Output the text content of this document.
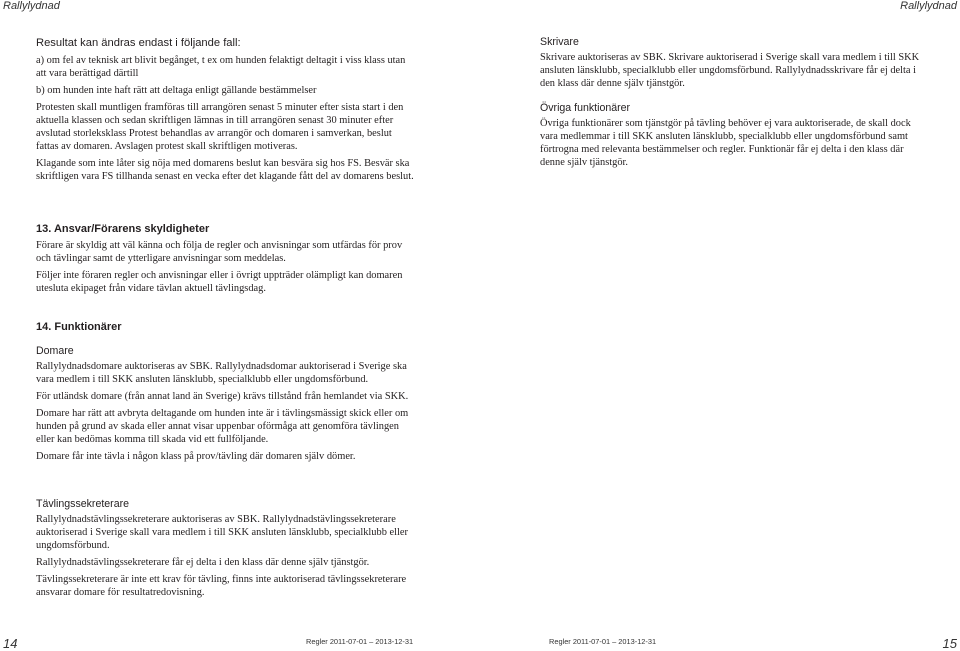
Rallylydnad	Rallylydnad
Resultat kan ändras endast i följande fall:

a) om fel av teknisk art blivit begånget, t ex om hunden felaktigt deltagit i viss klass utan att vara berättigad därtill

b) om hunden inte haft rätt att deltaga enligt gällande bestämmelser

Protesten skall muntligen framföras till arrangören senast 5 minuter efter sista start i den aktuella klassen och sedan skriftligen lämnas in till arrangören senast 30 minuter efter avslutad storleksklass Protest behandlas av arrangör och domaren i samverkan, beslut fattas av domaren. Avslagen protest skall skriftligen motiveras.

Klagande som inte låter sig nöja med domarens beslut kan besvära sig hos FS. Besvär ska skriftligen vara FS tillhanda senast en vecka efter det klagande fått del av domarens beslut.

13. Ansvar/Förarens skyldigheter

Förare är skyldig att väl känna och följa de regler och anvisningar som utfärdas för prov och tävlingar samt de ytterligare anvisningar som meddelas.

Följer inte föraren regler och anvisningar eller i övrigt uppträder olämpligt kan domaren utesluta ekipaget från vidare tävlan aktuell tävlingsdag.

14. Funktionärer
Domare

Rallylydnadsdomare auktoriseras av SBK. Rallylydnadsdomar auktoriserad i Sverige ska vara medlem i till SKK ansluten länsklubb, specialklubb eller ungdomsförbund.

För utländsk domare (från annat land än Sverige) krävs tillstånd från hemlandet via SKK.

Domare har rätt att avbryta deltagande om hunden inte är i tävlingsmässigt skick eller om hunden på grund av skada eller annat visar uppenbar oförmåga att genomföra tävlingen eller kan bedömas komma till skada vid ett fullföljande.

Domare får inte tävla i någon klass på prov/tävling där domaren själv dömer.

Tävlingssekreterare

Rallylydnadstävlingssekreterare auktoriseras av SBK. Rallylydnadstävlingssekreterare auktoriserad i Sverige skall vara medlem i till SKK ansluten länsklubb, specialklubb eller ungdomsförbund.

Rallylydnadstävlingssekreterare får ej delta i den klass där denne själv tjänstgör.

Tävlingssekreterare är inte ett krav för tävling, finns inte auktoriserad tävlingssekreterare ansvarar domare för resultatredovisning.

Skrivare

Skrivare auktoriseras av SBK. Skrivare auktoriserad i Sverige skall vara medlem i till SKK ansluten länsklubb, specialklubb eller ungdomsförbund. Rallylydnadsskrivare får ej delta i den klass där denne själv tjänstgör.

Övriga funktionärer

Övriga funktionärer som tjänstgör på tävling behöver ej vara auktoriserade, de skall dock vara medlemmar i till SKK ansluten länsklubb, specialklubb eller ungdomsförbund samt förtrogna med relevanta bestämmelser och regler. Funktionär får ej delta i den klass där denne själv tjänstgör.

14	Regler 2011-07-01 – 2013-12-31	Regler 2011-07-01 – 2013-12-31	15
